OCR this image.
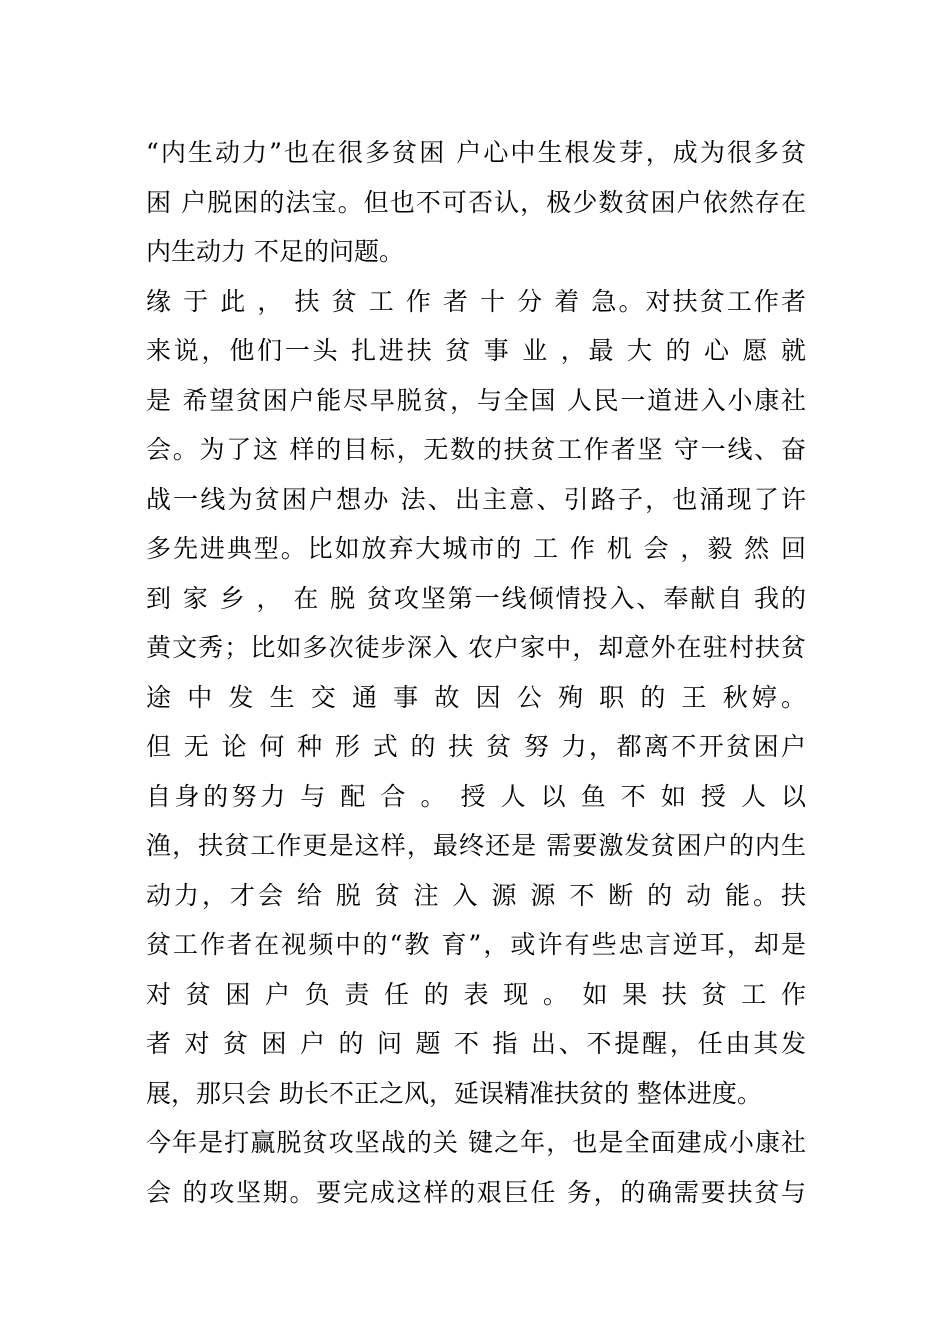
“内生动力”也在很多贫困 户心中生根发芽，成为很多贫
困 户脱困的法宝。但也不可否认，极少数贫困户依然存在
内生动力 不足的问题。
缘 于 此 ， 扶 贫 工 作 者 十 分 着 急。对扶贫工作者
来说，他们一头 扎进扶 贫 事 业 ，最 大 的 心 愿 就
是 希望贫困户能尽早脱贫，与全国 人民一道进入小康社
会。为了这 样的目标，无数的扶贫工作者坚 守一线、奋
战一线为贫困户想办 法、出主意、引路子，也涌现了许
多先进典型。比如放弃大城市的 工 作 机 会 ，毅 然 回
到 家 乡 ， 在 脱 贫攻坚第一线倾情投入、奉献自 我的
黄文秀；比如多次徒步深入 农户家中，却意外在驻村扶贫
途 中 发 生 交 通 事 故 因 公 殉 职 的 王 秋婷。
但 无 论 何 种 形 式 的 扶 贫 努 力，都离不开贫困户
自身的努力 与 配 合 。 授 人 以 鱼 不 如 授 人 以
渔，扶贫工作更是这样，最终还是 需要激发贫困户的内生
动力，才会 给 脱 贫 注 入 源 源 不 断 的 动 能。扶
贫工作者在视频中的“教 育”，或许有些忠言逆耳，却是
对 贫 困 户 负 责 任 的 表 现 。 如 果 扶 贫 工 作
者 对 贫 困 户 的 问 题 不 指 出、不提醒，任由其发
展，那只会 助长不正之风，延误精准扶贫的 整体进度。
今年是打赢脱贫攻坚战的关 键之年，也是全面建成小康社
会 的攻坚期。要完成这样的艰巨任 务，的确需要扶贫与
